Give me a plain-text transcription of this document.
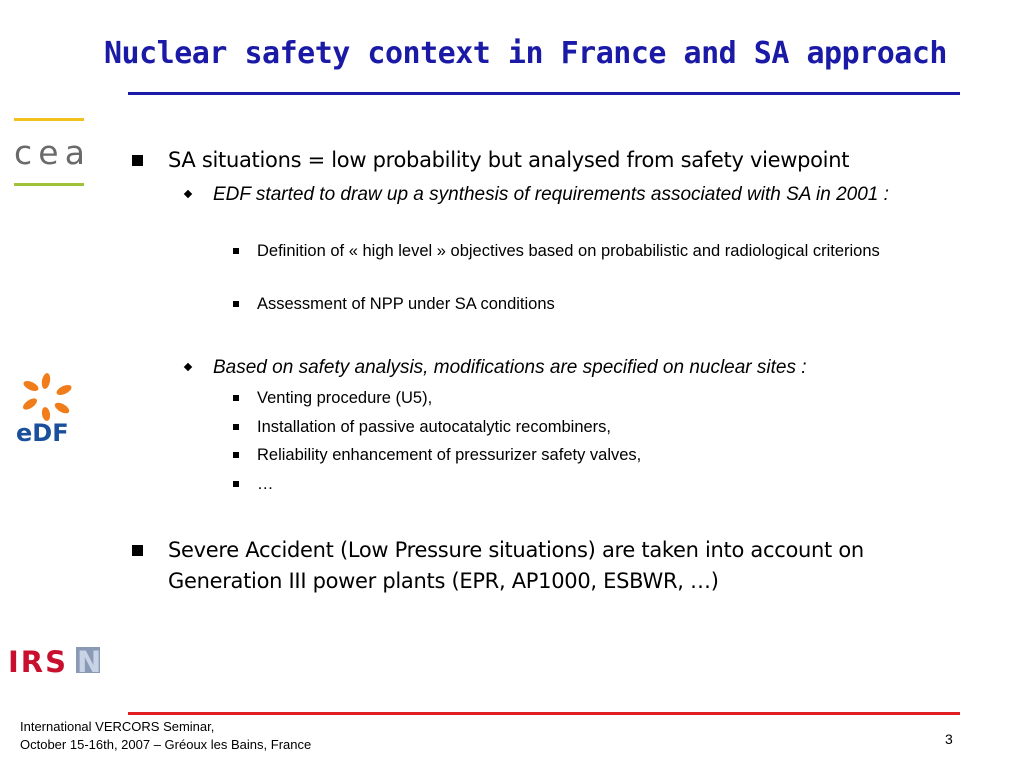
Nuclear safety context in France and SA approach
cea
eDF
IRS N
SA situations = low probability but analysed from safety viewpoint
EDF started to draw up a synthesis of requirements associated with SA in 2001 :
Definition of « high level » objectives based on probabilistic and radiological criterions
Assessment of NPP under SA conditions
Based on safety analysis, modifications are specified on nuclear sites :
Venting procedure (U5),
Installation of passive autocatalytic recombiners,
Reliability enhancement of pressurizer safety valves,
…
Severe Accident (Low Pressure situations) are taken into account on Generation III power plants (EPR, AP1000, ESBWR, …)
International VERCORS Seminar,
October 15-16th, 2007 – Gréoux les Bains, France	3
